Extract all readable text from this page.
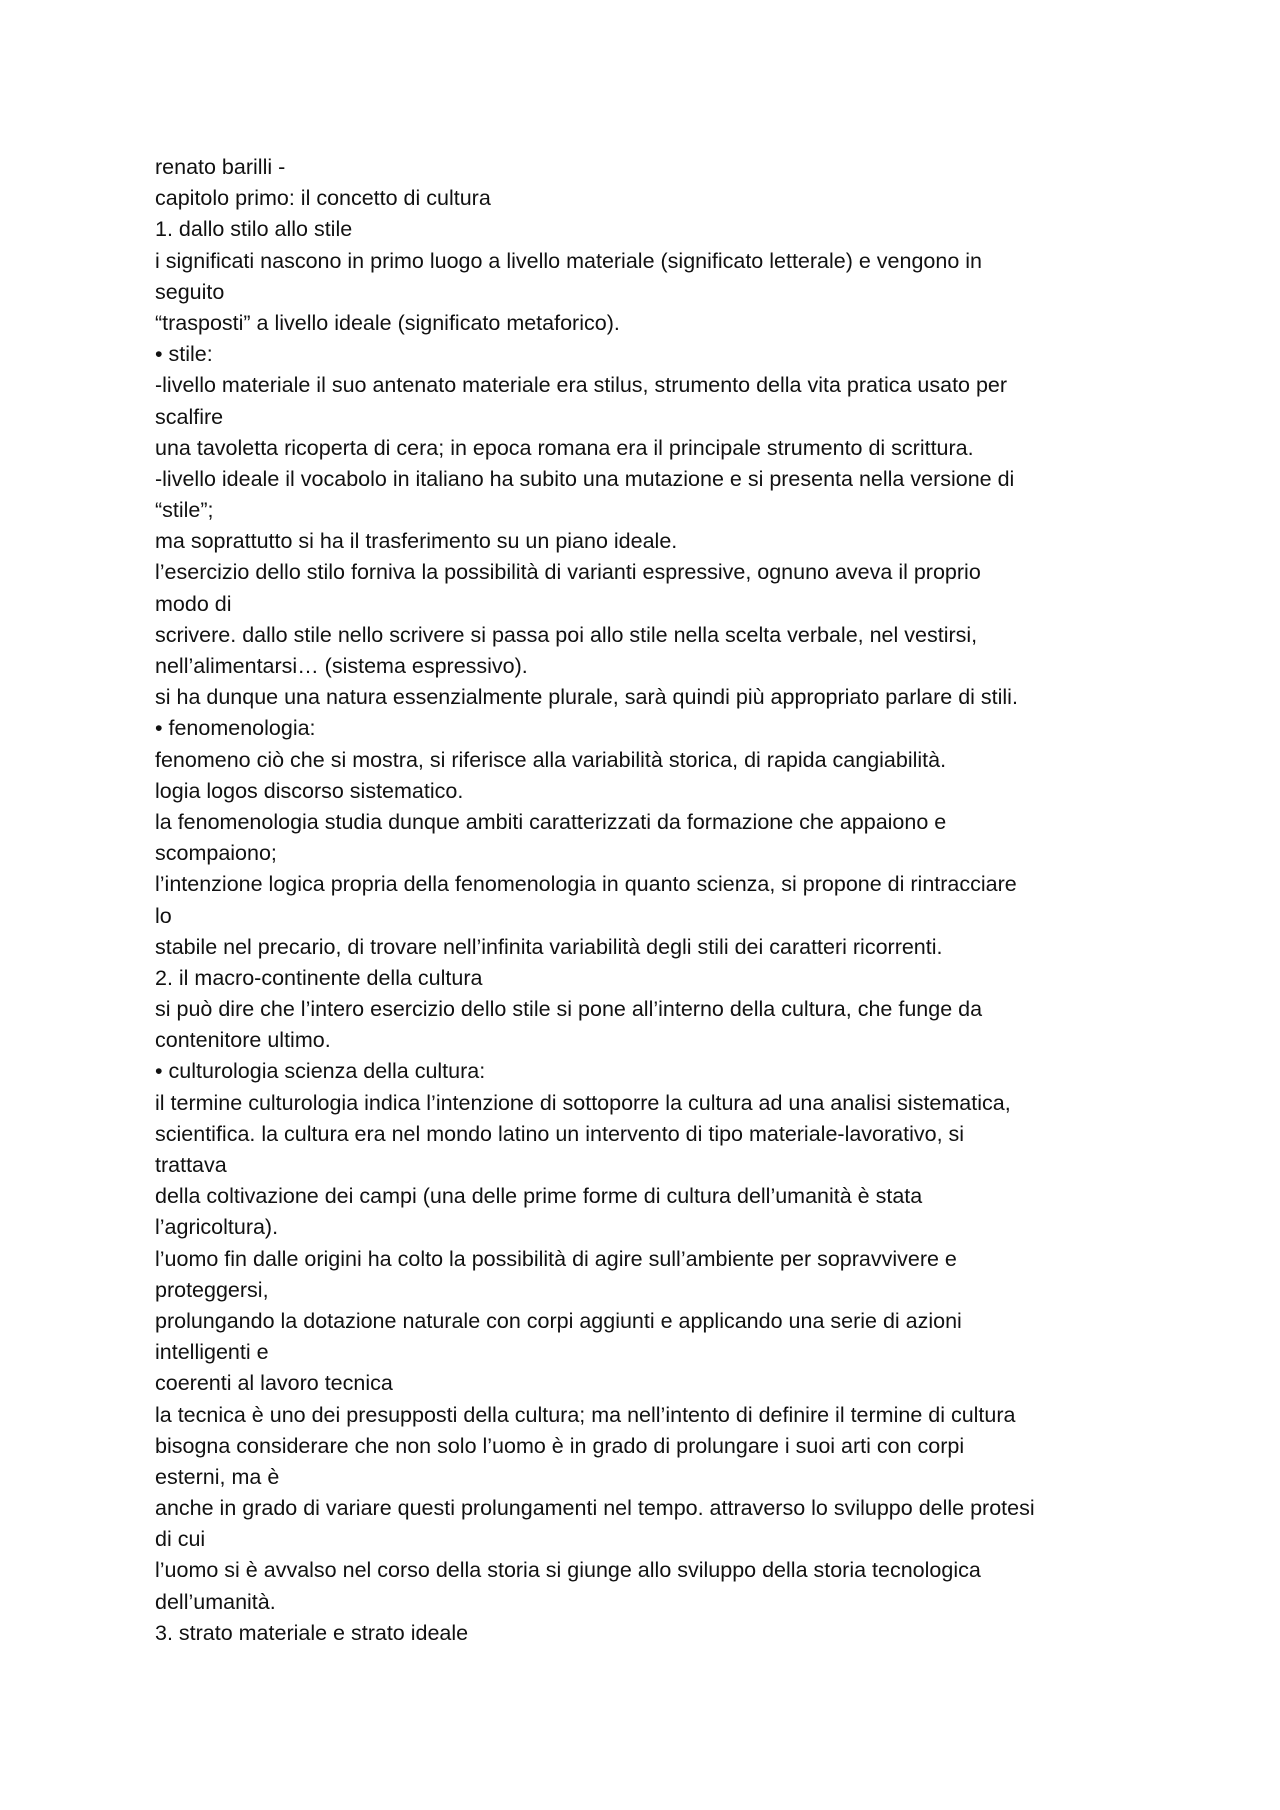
renato barilli -

capitolo primo: il concetto di cultura

1. dallo stilo allo stile

i significati nascono in primo luogo a livello materiale (significato letterale) e vengono in

seguito

“trasposti” a livello ideale (significato metaforico).

• stile:

-livello materiale il suo antenato materiale era stilus, strumento della vita pratica usato per

scalfire

una tavoletta ricoperta di cera; in epoca romana era il principale strumento di scrittura.

-livello ideale il vocabolo in italiano ha subito una mutazione e si presenta nella versione di

“stile”;

ma soprattutto si ha il trasferimento su un piano ideale.

l’esercizio dello stilo forniva la possibilità di varianti espressive, ognuno aveva il proprio

modo di

scrivere. dallo stile nello scrivere si passa poi allo stile nella scelta verbale, nel vestirsi,

nell’alimentarsi… (sistema espressivo).

si ha dunque una natura essenzialmente plurale, sarà quindi più appropriato parlare di stili.

• fenomenologia:

fenomeno ciò che si mostra, si riferisce alla variabilità storica, di rapida cangiabilità.

logia logos discorso sistematico.

la fenomenologia studia dunque ambiti caratterizzati da formazione che appaiono e

scompaiono;

l’intenzione logica propria della fenomenologia in quanto scienza, si propone di rintracciare

lo

stabile nel precario, di trovare nell’infinita variabilità degli stili dei caratteri ricorrenti.

2. il macro-continente della cultura

si può dire che l’intero esercizio dello stile si pone all’interno della cultura, che funge da

contenitore ultimo.

• culturologia scienza della cultura:

il termine culturologia indica l’intenzione di sottoporre la cultura ad una analisi sistematica,

scientifica. la cultura era nel mondo latino un intervento di tipo materiale-lavorativo, si

trattava

della coltivazione dei campi (una delle prime forme di cultura dell’umanità è stata

l’agricoltura).

l’uomo fin dalle origini ha colto la possibilità di agire sull’ambiente per sopravvivere e

proteggersi,

prolungando la dotazione naturale con corpi aggiunti e applicando una serie di azioni

intelligenti e

coerenti al lavoro tecnica

la tecnica è uno dei presupposti della cultura; ma nell’intento di definire il termine di cultura

bisogna considerare che non solo l’uomo è in grado di prolungare i suoi arti con corpi

esterni, ma è

anche in grado di variare questi prolungamenti nel tempo. attraverso lo sviluppo delle protesi

di cui

l’uomo si è avvalso nel corso della storia si giunge allo sviluppo della storia tecnologica

dell’umanità.

3. strato materiale e strato ideale
